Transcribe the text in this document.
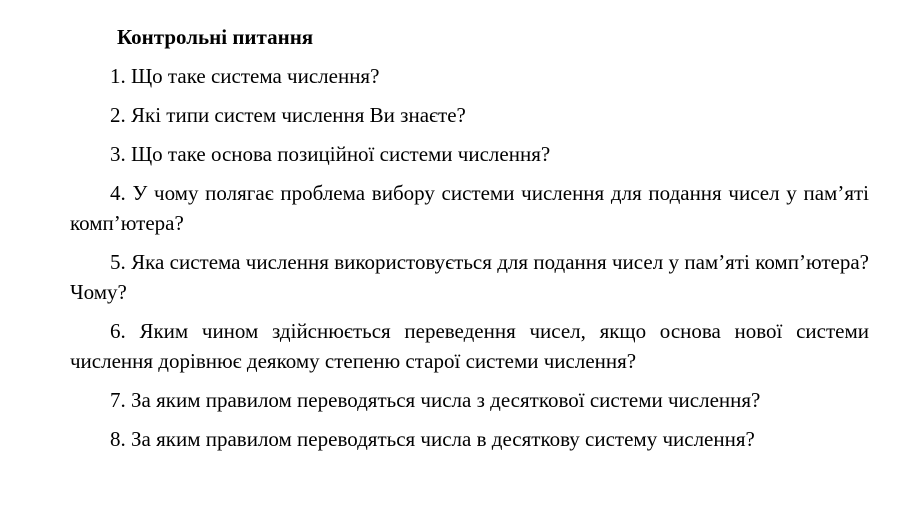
Контрольні питання
1. Що таке система числення?
2. Які типи систем числення Ви знаєте?
3. Що таке основа позиційної системи числення?
4. У чому полягає проблема вибору системи числення для подання чисел у пам’яті комп’ютера?
5. Яка система числення використовується для подання чисел у пам’яті комп’ютера? Чому?
6. Яким чином здійснюється переведення чисел, якщо основа нової системи числення дорівнює деякому степеню старої системи числення?
7. За яким правилом переводяться числа з десяткової системи числення?
8. За яким правилом переводяться числа в десяткову систему числення?
